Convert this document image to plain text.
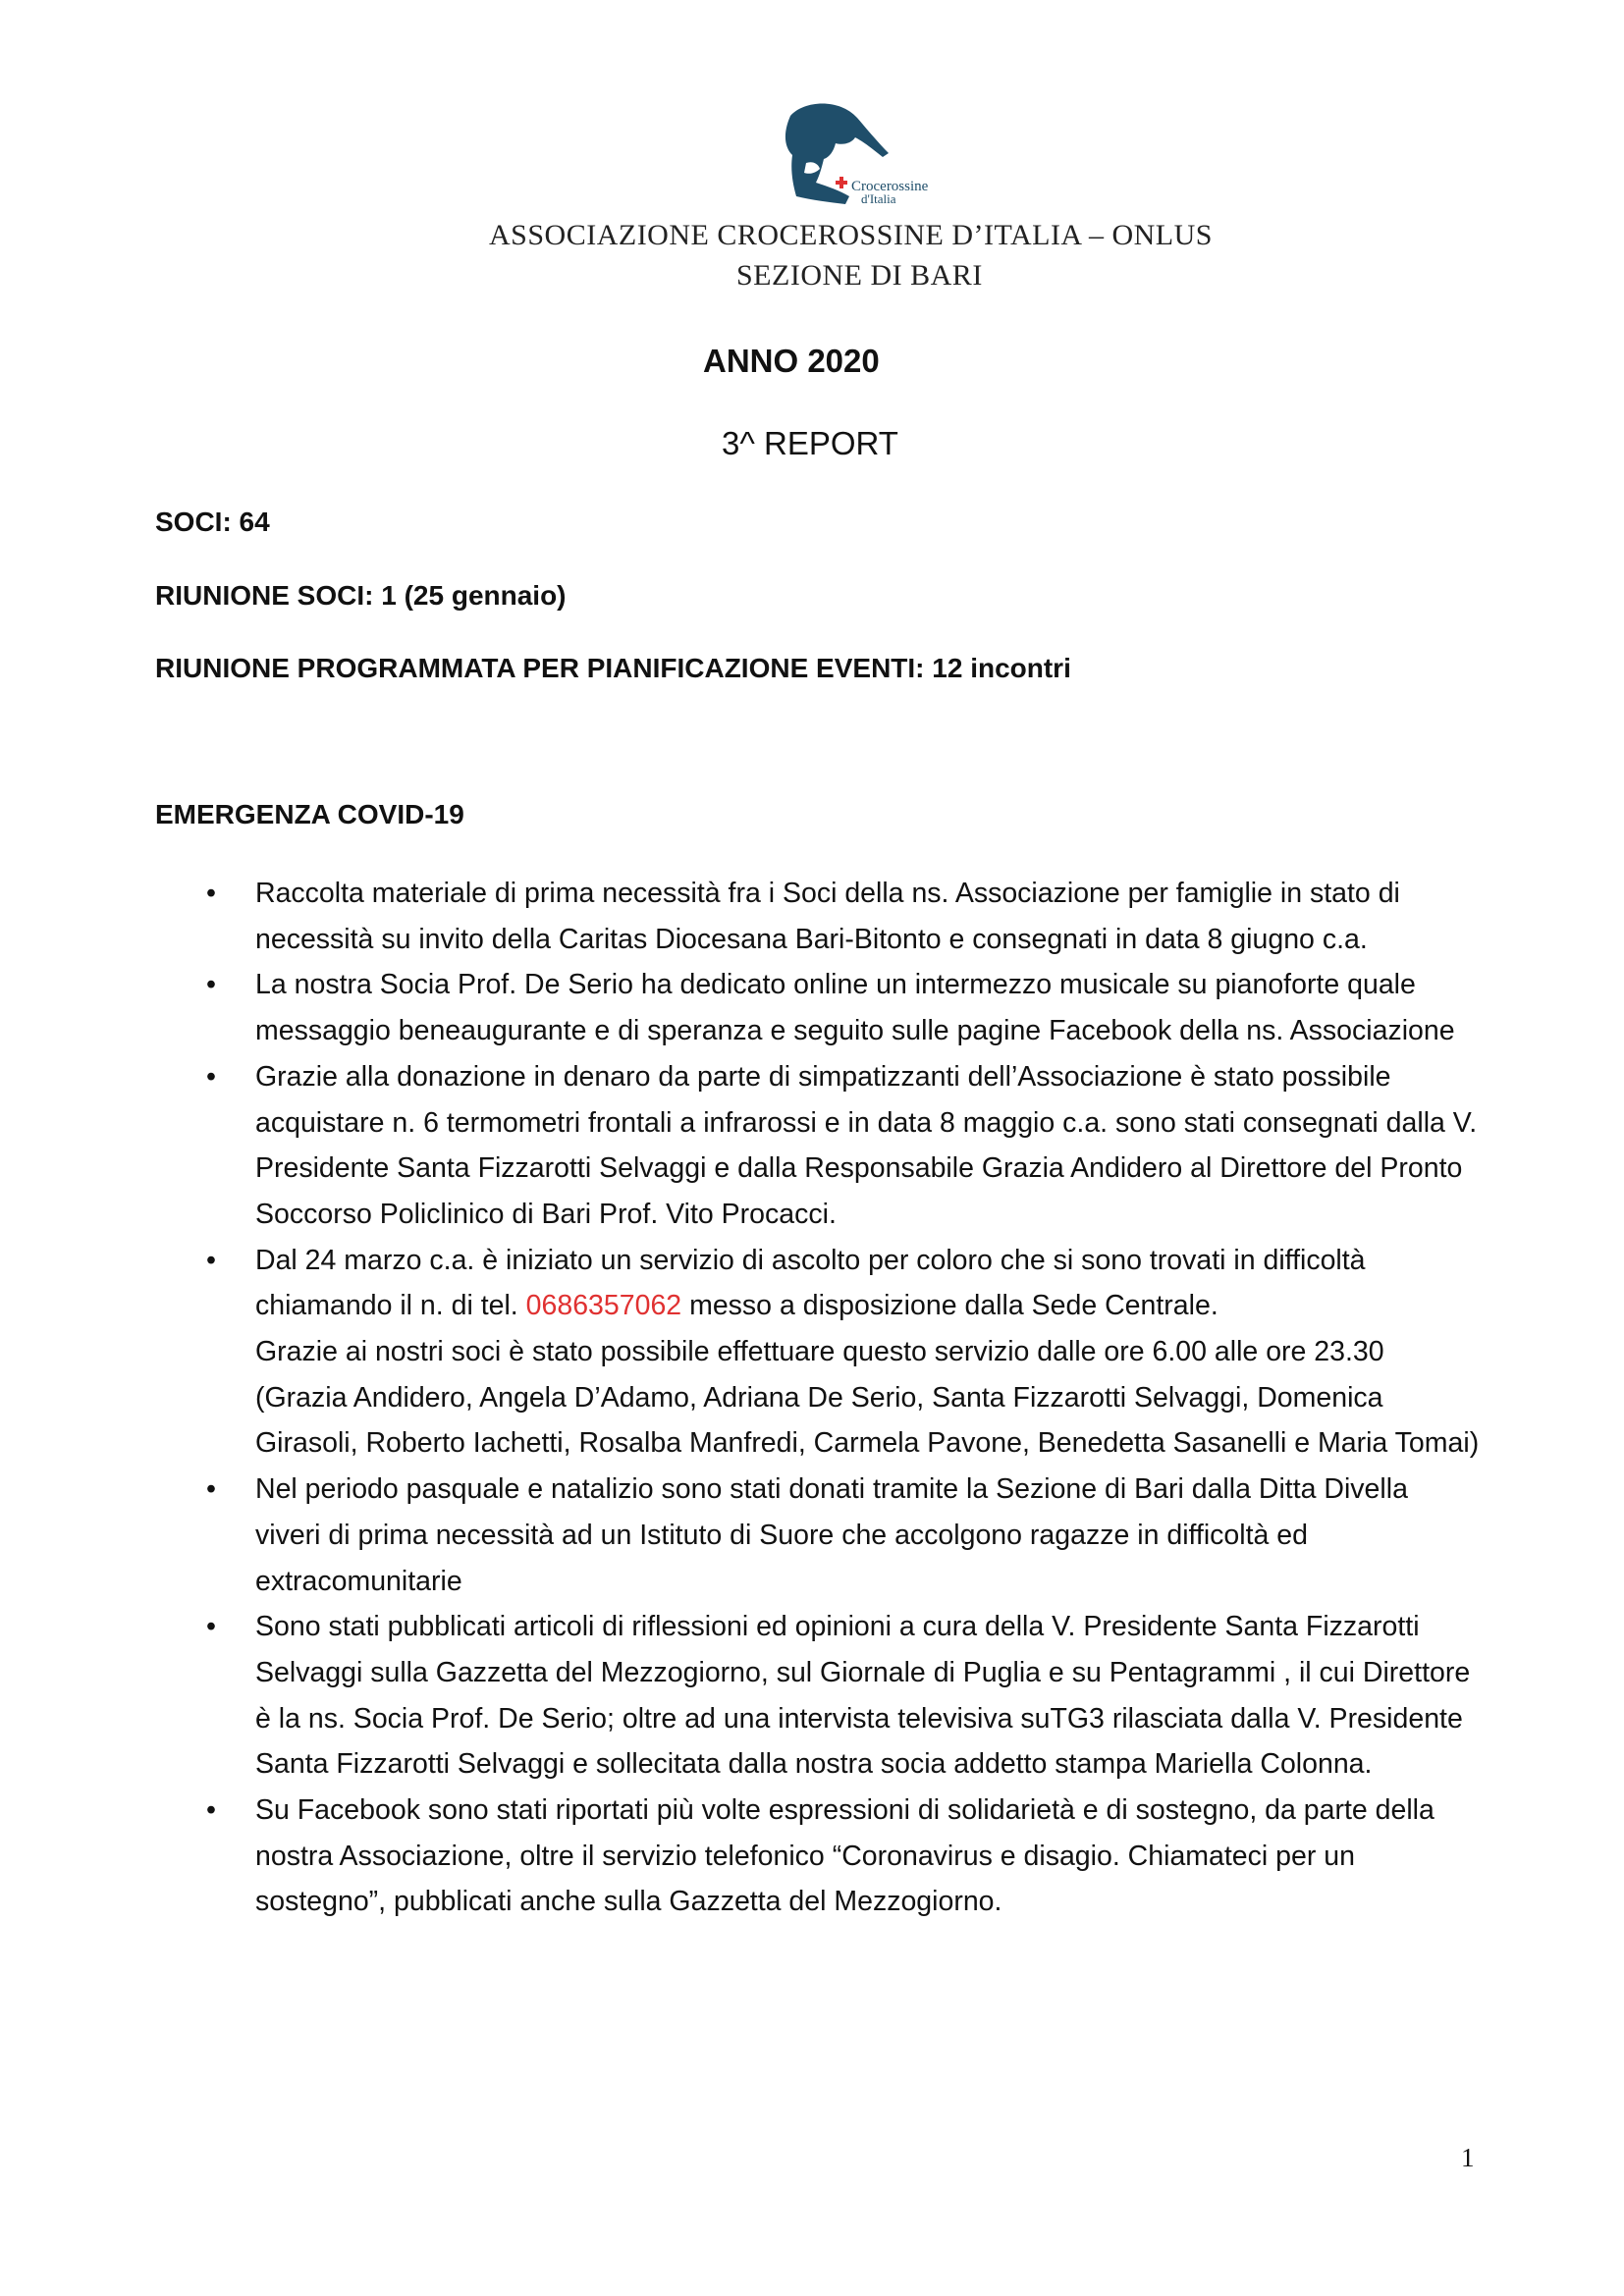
Crocerossine
d'Italia
ASSOCIAZIONE CROCEROSSINE D’ITALIA – ONLUS
SEZIONE DI BARI
ANNO 2020
3^ REPORT
SOCI: 64
RIUNIONE SOCI: 1 (25 gennaio)
RIUNIONE PROGRAMMATA PER PIANIFICAZIONE EVENTI: 12 incontri
EMERGENZA COVID-19
• Raccolta materiale di prima necessità fra i Soci della ns. Associazione per famiglie in stato di necessità su invito della Caritas Diocesana Bari-Bitonto e consegnati in data 8 giugno c.a.
• La nostra Socia Prof. De Serio ha dedicato online un intermezzo musicale su pianoforte quale messaggio beneaugurante e di speranza e seguito sulle pagine Facebook della ns. Associazione
• Grazie alla donazione in denaro da parte di simpatizzanti dell’Associazione è stato possibile acquistare n. 6 termometri frontali a infrarossi e in data 8 maggio c.a. sono stati consegnati dalla V. Presidente Santa Fizzarotti Selvaggi e dalla Responsabile Grazia Andidero al Direttore del Pronto Soccorso Policlinico di Bari Prof. Vito Procacci.
• Dal 24 marzo c.a. è iniziato un servizio di ascolto per coloro che si sono trovati in difficoltà chiamando il n. di tel. 0686357062 messo a disposizione dalla Sede Centrale.
Grazie ai nostri soci è stato possibile effettuare questo servizio dalle ore 6.00 alle ore 23.30 (Grazia Andidero, Angela D’Adamo, Adriana De Serio, Santa Fizzarotti Selvaggi, Domenica Girasoli, Roberto Iachetti, Rosalba Manfredi, Carmela Pavone, Benedetta Sasanelli e Maria Tomai)
• Nel periodo pasquale e natalizio sono stati donati tramite la Sezione di Bari dalla Ditta Divella viveri di prima necessità ad un Istituto di Suore che accolgono ragazze in difficoltà ed extracomunitarie
• Sono stati pubblicati articoli di riflessioni ed opinioni a cura della V. Presidente Santa Fizzarotti Selvaggi sulla Gazzetta del Mezzogiorno, sul Giornale di Puglia e su Pentagrammi , il cui Direttore è la ns. Socia Prof. De Serio; oltre ad una intervista televisiva suTG3 rilasciata dalla V. Presidente Santa Fizzarotti Selvaggi e sollecitata dalla nostra socia addetto stampa Mariella Colonna.
• Su Facebook sono stati riportati più volte espressioni di solidarietà e di sostegno, da parte della nostra Associazione, oltre il servizio telefonico “Coronavirus e disagio. Chiamateci per un sostegno”, pubblicati anche sulla Gazzetta del Mezzogiorno.
1
